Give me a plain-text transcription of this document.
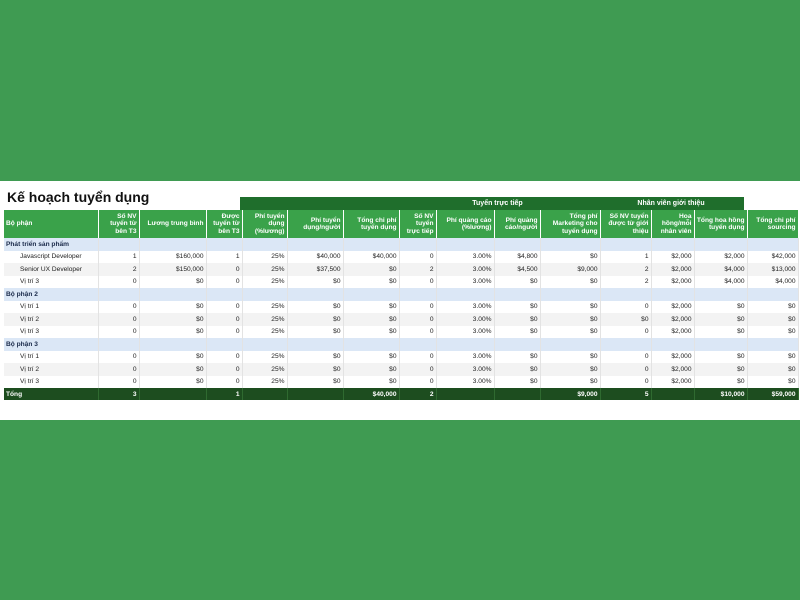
Kế hoạch tuyển dụng	Tuyển trực tiếp	Nhân viên giới thiệu
Bộ phận	Số NV tuyển từ bên T3	Lương trung bình	Được tuyển từ bên T3	Phí tuyển dụng (%lương)	Phí tuyển dụng/người	Tổng chi phí tuyển dụng	Số NV tuyển trực tiếp	Phí quảng cáo (%lương)	Phí quảng cáo/người	Tổng phí Marketing cho tuyển dụng	Số NV tuyển được từ giới thiệu	Hoa hồng/mỗi nhân viên	Tổng hoa hồng tuyển dụng	Tổng chi phí sourcing
Phát triển sản phẩm														
Javascript Developer	1	$160,000	1	25%	$40,000	$40,000	0	3.00%	$4,800	$0	1	$2,000	$2,000	$42,000
Senior UX Developer	2	$150,000	0	25%	$37,500	$0	2	3.00%	$4,500	$9,000	2	$2,000	$4,000	$13,000
Vị trí 3	0	$0	0	25%	$0	$0	0	3.00%	$0	$0	2	$2,000	$4,000	$4,000
Bộ phận 2														
Vị trí 1	0	$0	0	25%	$0	$0	0	3.00%	$0	$0	0	$2,000	$0	$0
Vị trí 2	0	$0	0	25%	$0	$0	0	3.00%	$0	$0	$0	$2,000	$0	$0
Vị trí 3	0	$0	0	25%	$0	$0	0	3.00%	$0	$0	0	$2,000	$0	$0
Bộ phận 3														
Vị trí 1	0	$0	0	25%	$0	$0	0	3.00%	$0	$0	0	$2,000	$0	$0
Vị trí 2	0	$0	0	25%	$0	$0	0	3.00%	$0	$0	0	$2,000	$0	$0
Vị trí 3	0	$0	0	25%	$0	$0	0	3.00%	$0	$0	0	$2,000	$0	$0
Tổng	3		1			$40,000	2			$9,000	5		$10,000	$59,000
